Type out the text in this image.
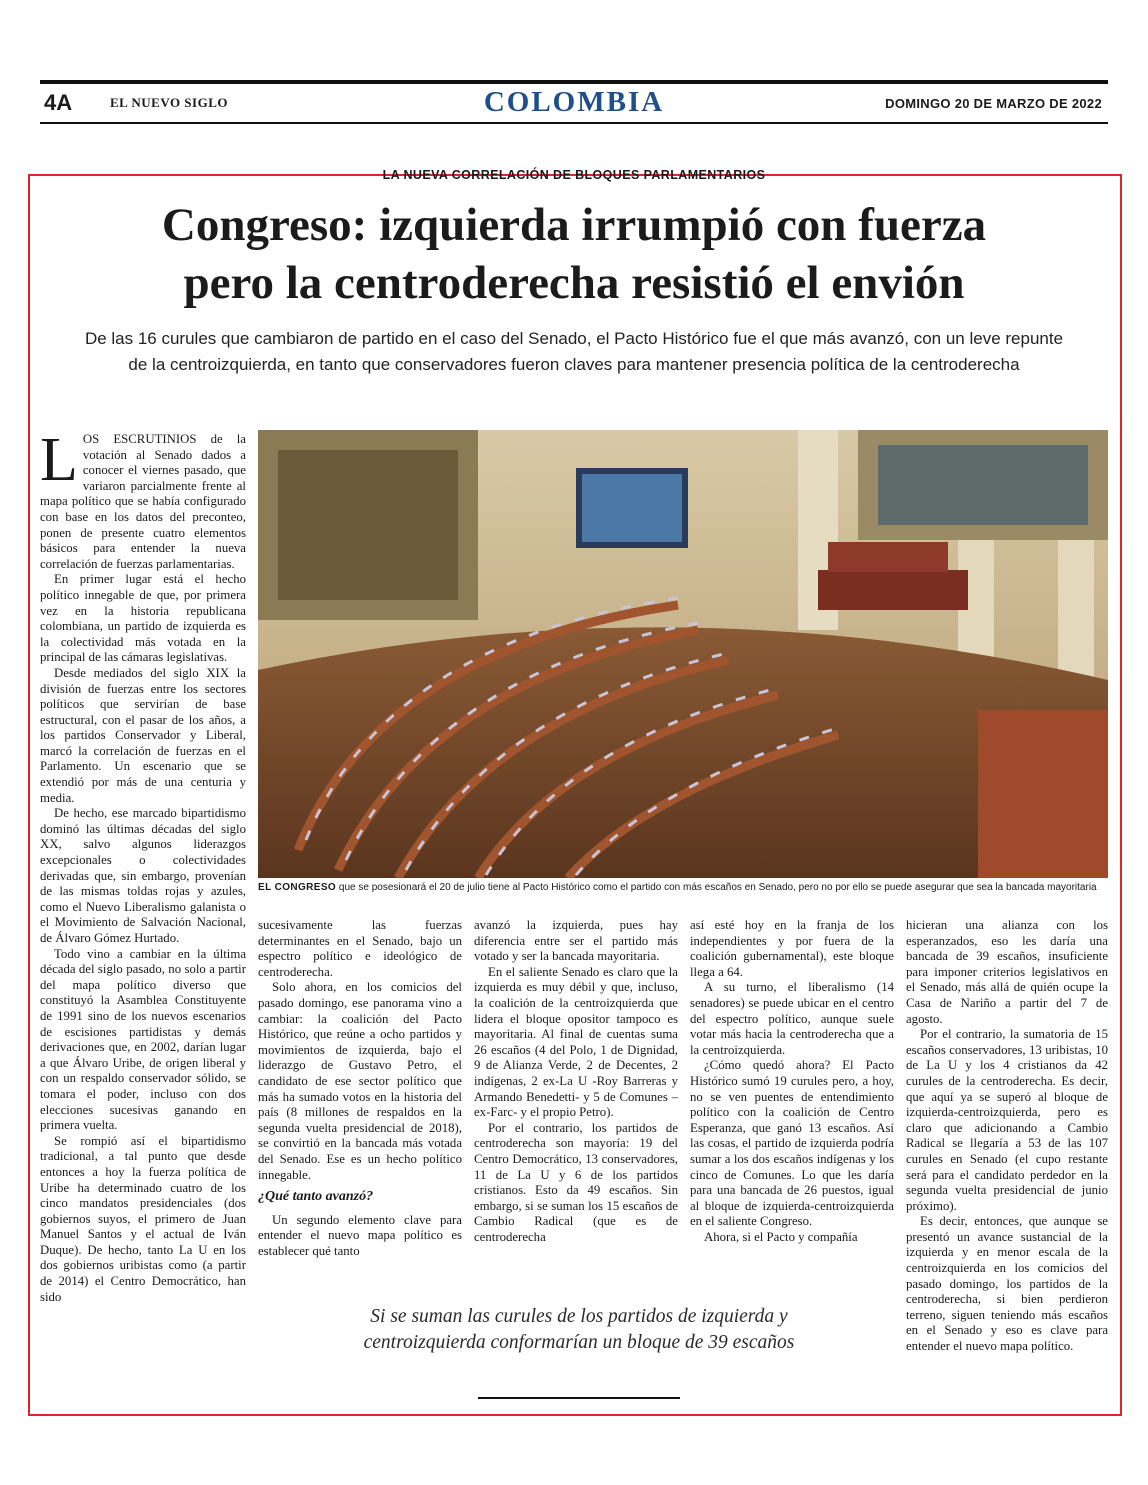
4A	EL NUEVO SIGLO	COLOMBIA	DOMINGO 20 DE MARZO DE 2022
LA NUEVA CORRELACIÓN DE BLOQUES PARLAMENTARIOS
Congreso: izquierda irrumpió con fuerza
pero la centroderecha resistió el envión
De las 16 curules que cambiaron de partido en el caso del Senado, el Pacto Histórico fue el que más avanzó, con un leve repunte de la centroizquierda, en tanto que conservadores fueron claves para mantener presencia política de la centroderecha

LOS ESCRUTINIOS de la votación al Senado dados a conocer el viernes pasado, que variaron parcialmente frente al mapa político que se había configurado con base en los datos del preconteo, ponen de presente cuatro elementos básicos para entender la nueva correlación de fuerzas parlamentarias.

En primer lugar está el hecho político innegable de que, por primera vez en la historia republicana colombiana, un partido de izquierda es la colectividad más votada en la principal de las cámaras legislativas.

Desde mediados del siglo XIX la división de fuerzas entre los sectores políticos que servirían de base estructural, con el pasar de los años, a los partidos Conservador y Liberal, marcó la correlación de fuerzas en el Parlamento. Un escenario que se extendió por más de una centuria y media.

De hecho, ese marcado bipartidismo dominó las últimas décadas del siglo XX, salvo algunos liderazgos excepcionales o colectividades derivadas que, sin embargo, provenían de las mismas toldas rojas y azules, como el Nuevo Liberalismo galanista o el Movimiento de Salvación Nacional, de Álvaro Gómez Hurtado.

Todo vino a cambiar en la última década del siglo pasado, no solo a partir del mapa político diverso que constituyó la Asamblea Constituyente de 1991 sino de los nuevos escenarios de escisiones partidistas y demás derivaciones que, en 2002, darían lugar a que Álvaro Uribe, de origen liberal y con un respaldo conservador sólido, se tomara el poder, incluso con dos elecciones sucesivas ganando en primera vuelta.

Se rompió así el bipartidismo tradicional, a tal punto que desde entonces a hoy la fuerza política de Uribe ha determinado cuatro de los cinco mandatos presidenciales (dos gobiernos suyos, el primero de Juan Manuel Santos y el actual de Iván Duque). De hecho, tanto La U en los dos gobiernos uribistas como (a partir de 2014) el Centro Democrático, han sido

EL CONGRESO que se posesionará el 20 de julio tiene al Pacto Histórico como el partido con más escaños en Senado, pero no por ello se puede asegurar que sea la bancada mayoritaria

sucesivamente las fuerzas determinantes en el Senado, bajo un espectro político e ideológico de centroderecha.

Solo ahora, en los comicios del pasado domingo, ese panorama vino a cambiar: la coalición del Pacto Histórico, que reúne a ocho partidos y movimientos de izquierda, bajo el liderazgo de Gustavo Petro, el candidato de ese sector político que más ha sumado votos en la historia del país (8 millones de respaldos en la segunda vuelta presidencial de 2018), se convirtió en la bancada más votada del Senado. Ese es un hecho político innegable.

¿Qué tanto avanzó?

Un segundo elemento clave para entender el nuevo mapa político es establecer qué tanto

avanzó la izquierda, pues hay diferencia entre ser el partido más votado y ser la bancada mayoritaria.

En el saliente Senado es claro que la izquierda es muy débil y que, incluso, la coalición de la centroizquierda que lidera el bloque opositor tampoco es mayoritaria. Al final de cuentas suma 26 escaños (4 del Polo, 1 de Dignidad, 9 de Alianza Verde, 2 de Decentes, 2 indígenas, 2 ex-La U -Roy Barreras y Armando Benedetti- y 5 de Comunes –ex-Farc- y el propio Petro).

Por el contrario, los partidos de centroderecha son mayoría: 19 del Centro Democrático, 13 conservadores, 11 de La U y 6 de los partidos cristianos. Esto da 49 escaños. Sin embargo, si se suman los 15 escaños de Cambio Radical (que es de centroderecha

así esté hoy en la franja de los independientes y por fuera de la coalición gubernamental), este bloque llega a 64.

A su turno, el liberalismo (14 senadores) se puede ubicar en el centro del espectro político, aunque suele votar más hacia la centroderecha que a la centroizquierda.

¿Cómo quedó ahora? El Pacto Histórico sumó 19 curules pero, a hoy, no se ven puentes de entendimiento político con la coalición de Centro Esperanza, que ganó 13 escaños. Así las cosas, el partido de izquierda podría sumar a los dos escaños indígenas y los cinco de Comunes. Lo que les daría para una bancada de 26 puestos, igual al bloque de izquierda-centroizquierda en el saliente Congreso.

Ahora, si el Pacto y compañía

hicieran una alianza con los esperanzados, eso les daría una bancada de 39 escaños, insuficiente para imponer criterios legislativos en el Senado, más allá de quién ocupe la Casa de Nariño a partir del 7 de agosto.

Por el contrario, la sumatoria de 15 escaños conservadores, 13 uribistas, 10 de La U y los 4 cristianos da 42 curules de la centroderecha. Es decir, que aquí ya se superó al bloque de izquierda-centroizquierda, pero es claro que adicionando a Cambio Radical se llegaría a 53 de las 107 curules en Senado (el cupo restante será para el candidato perdedor en la segunda vuelta presidencial de junio próximo).

Es decir, entonces, que aunque se presentó un avance sustancial de la izquierda y en menor escala de la centroizquierda en los comicios del pasado domingo, los partidos de la centroderecha, si bien perdieron terreno, siguen teniendo más escaños en el Senado y eso es clave para entender el nuevo mapa político.

Si se suman las curules de los partidos de izquierda y centroizquierda conformarían un bloque de 39 escaños
